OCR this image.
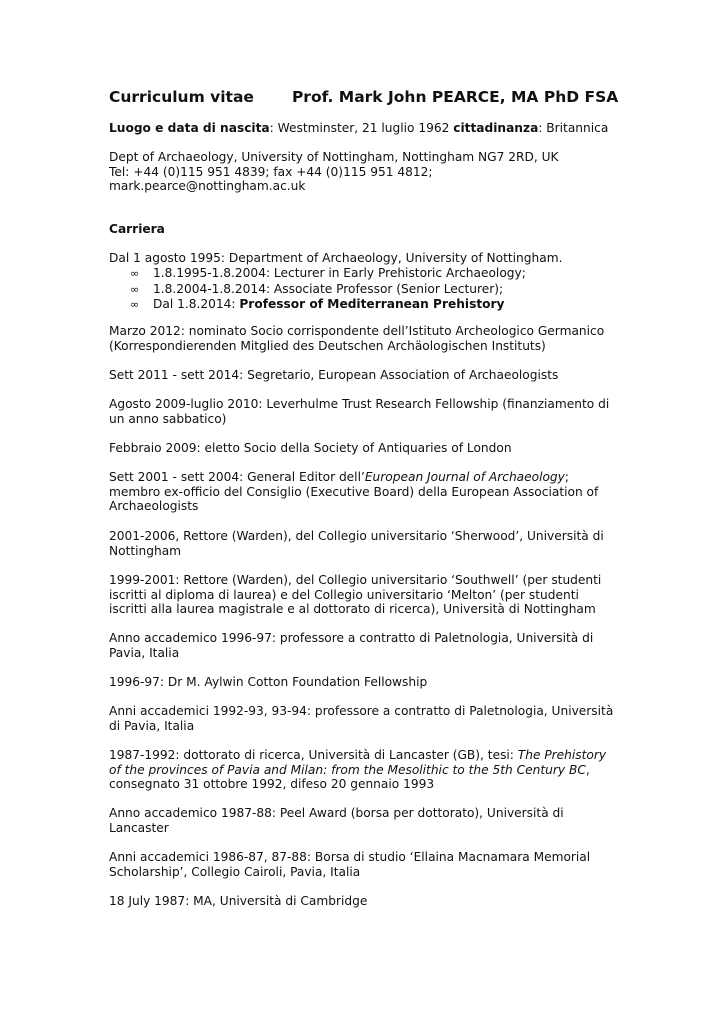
Curriculum vitae Prof. Mark John PEARCE, MA PhD FSA

Luogo e data di nascita: Westminster, 21 luglio 1962 cittadinanza: Britannica

Dept of Archaeology, University of Nottingham, Nottingham NG7 2RD, UK
Tel: +44 (0)115 951 4839; fax +44 (0)115 951 4812;
mark.pearce@nottingham.ac.uk
Carriera
Dal 1 agosto 1995: Department of Archaeology, University of Nottingham.
∞ 1.8.1995-1.8.2004: Lecturer in Early Prehistoric Archaeology;
∞ 1.8.2004-1.8.2014: Associate Professor (Senior Lecturer);
∞ Dal 1.8.2014: Professor of Mediterranean Prehistory

Marzo 2012: nominato Socio corrispondente dell’Istituto Archeologico Germanico (Korrespondierenden Mitglied des Deutschen Archäologischen Instituts)

Sett 2011 - sett 2014: Segretario, European Association of Archaeologists

Agosto 2009-luglio 2010: Leverhulme Trust Research Fellowship (finanziamento di un anno sabbatico)

Febbraio 2009: eletto Socio della Society of Antiquaries of London

Sett 2001 - sett 2004: General Editor dell’European Journal of Archaeology; membro ex-officio del Consiglio (Executive Board) della European Association of Archaeologists

2001-2006, Rettore (Warden), del Collegio universitario ‘Sherwood’, Università di Nottingham

1999-2001: Rettore (Warden), del Collegio universitario ‘Southwell’ (per studenti iscritti al diploma di laurea) e del Collegio universitario ‘Melton’ (per studenti iscritti alla laurea magistrale e al dottorato di ricerca), Università di Nottingham

Anno accademico 1996-97: professore a contratto di Paletnologia, Università di Pavia, Italia

1996-97: Dr M. Aylwin Cotton Foundation Fellowship

Anni accademici 1992-93, 93-94: professore a contratto di Paletnologia, Università di Pavia, Italia

1987-1992: dottorato di ricerca, Università di Lancaster (GB), tesi: The Prehistory of the provinces of Pavia and Milan: from the Mesolithic to the 5th Century BC, consegnato 31 ottobre 1992, difeso 20 gennaio 1993

Anno accademico 1987-88: Peel Award (borsa per dottorato), Università di Lancaster

Anni accademici 1986-87, 87-88: Borsa di studio ‘Ellaina Macnamara Memorial Scholarship’, Collegio Cairoli, Pavia, Italia

18 July 1987: MA, Università di Cambridge
